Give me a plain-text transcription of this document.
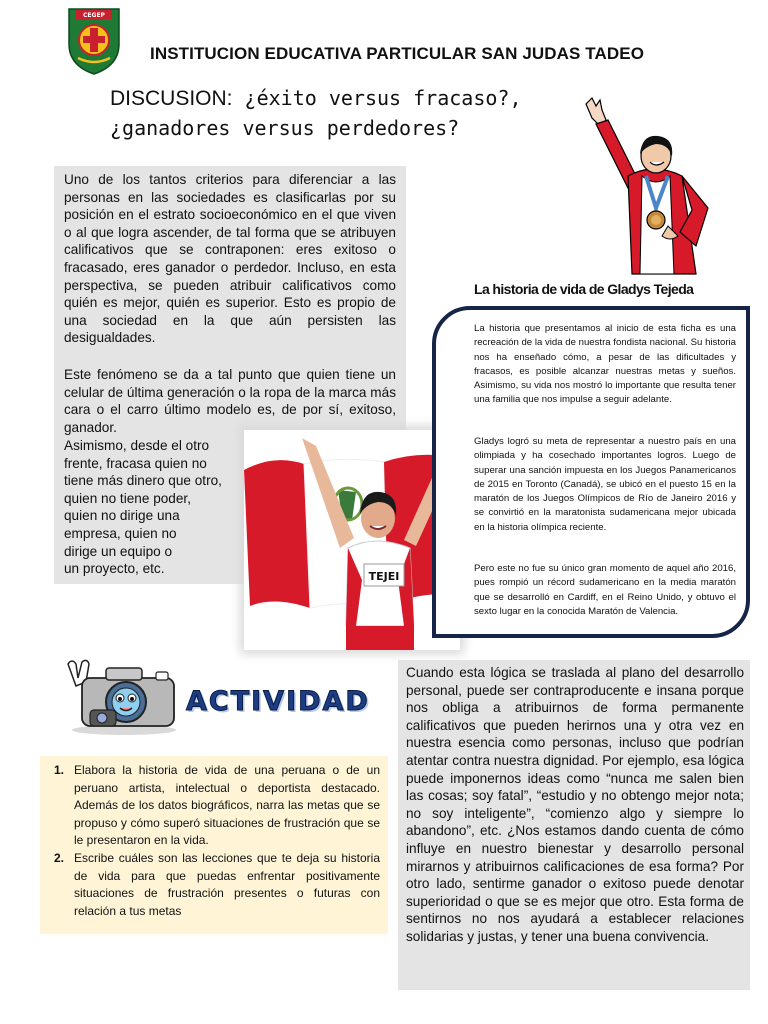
CEGEP
INSTITUCION EDUCATIVA PARTICULAR SAN JUDAS TADEO
DISCUSION: ¿éxito versus fracaso?,
¿ganadores versus perdedores?
Uno de los tantos criterios para diferenciar a las personas en las sociedades es clasificarlas por su posición en el estrato socioeconómico en el que viven o al que logra ascender, de tal forma que se atribuyen calificativos que se contraponen: eres exitoso o fracasado, eres ganador o perdedor. Incluso, en esta perspectiva, se pueden atribuir calificativos como quién es mejor, quién es superior. Esto es propio de una sociedad en la que aún persisten las desigualdades.
Este fenómeno se da a tal punto que quien tiene un celular de última generación o la ropa de la marca más cara o el carro último modelo es, de por sí, exitoso, ganador.
Asimismo, desde el otro
frente, fracasa quien no
tiene más dinero que otro,
quien no tiene poder,
quien no dirige una
empresa, quien no
dirige un equipo o
un proyecto, etc.
TEJEI
La historia de vida de Gladys Tejeda

La historia que presentamos al inicio de esta ficha es una recreación de la vida de nuestra fondista nacional. Su historia nos ha enseñado cómo, a pesar de las dificultades y fracasos, es posible alcanzar nuestras metas y sueños. Asimismo, su vida nos mostró lo importante que resulta tener una familia que nos impulse a seguir adelante.

Gladys logró su meta de representar a nuestro país en una olimpiada y ha cosechado importantes logros. Luego de superar una sanción impuesta en los Juegos Panamericanos de 2015 en Toronto (Canadá), se ubicó en el puesto 15 en la maratón de los Juegos Olímpicos de Río de Janeiro 2016 y se convirtió en la maratonista sudamericana mejor ubicada en la historia olímpica reciente.

Pero este no fue su único gran momento de aquel año 2016, pues rompió un récord sudamericano en la media maratón que se desarrolló en Cardiff, en el Reino Unido, y obtuvo el sexto lugar en la conocida Maratón de Valencia.

ACTIVIDAD
1. Elabora la historia de vida de una peruana o de un peruano artista, intelectual o deportista destacado. Además de los datos biográficos, narra las metas que se propuso y cómo superó situaciones de frustración que se le presentaron en la vida.
2. Escribe cuáles son las lecciones que te deja su historia de vida para que puedas enfrentar positivamente situaciones de frustración presentes o futuras con relación a tus metas
Cuando esta lógica se traslada al plano del desarrollo personal, puede ser contraproducente e insana porque nos obliga a atribuirnos de forma permanente calificativos que pueden herirnos una y otra vez en nuestra esencia como personas, incluso que podrían atentar contra nuestra dignidad. Por ejemplo, esa lógica puede imponernos ideas como “nunca me salen bien las cosas; soy fatal”, “estudio y no obtengo mejor nota; no soy inteligente”, “comienzo algo y siempre lo abandono”, etc. ¿Nos estamos dando cuenta de cómo influye en nuestro bienestar y desarrollo personal mirarnos y atribuirnos calificaciones de esa forma? Por otro lado, sentirme ganador o exitoso puede denotar superioridad o que se es mejor que otro. Esta forma de sentirnos no nos ayudará a establecer relaciones solidarias y justas, y tener una buena convivencia.
